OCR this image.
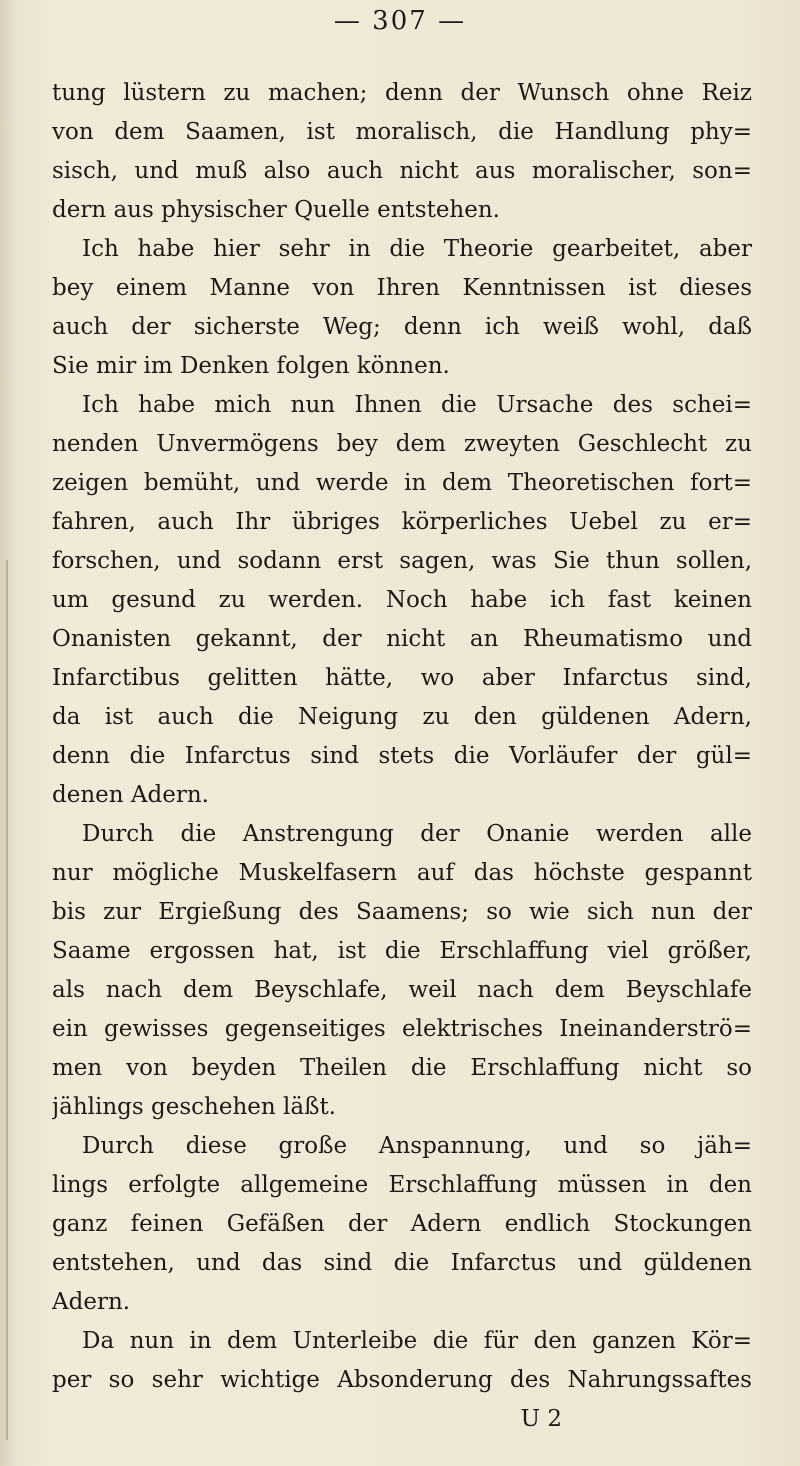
— 307 —
tung lüstern zu machen; denn der Wunsch ohne Reiz
von dem Saamen, ist moralisch, die Handlung phy=
sisch, und muß also auch nicht aus moralischer, son=
dern aus physischer Quelle entstehen.
Ich habe hier sehr in die Theorie gearbeitet, aber
bey einem Manne von Ihren Kenntnissen ist dieses
auch der sicherste Weg; denn ich weiß wohl, daß
Sie mir im Denken folgen können.
Ich habe mich nun Ihnen die Ursache des schei=
nenden Unvermögens bey dem zweyten Geschlecht zu
zeigen bemüht, und werde in dem Theoretischen fort=
fahren, auch Ihr übriges körperliches Uebel zu er=
forschen, und sodann erst sagen, was Sie thun sollen,
um gesund zu werden. Noch habe ich fast keinen
Onanisten gekannt, der nicht an Rheumatismo und
Infarctibus gelitten hätte, wo aber Infarctus sind,
da ist auch die Neigung zu den güldenen Adern,
denn die Infarctus sind stets die Vorläufer der gül=
denen Adern.
Durch die Anstrengung der Onanie werden alle
nur mögliche Muskelfasern auf das höchste gespannt
bis zur Ergießung des Saamens; so wie sich nun der
Saame ergossen hat, ist die Erschlaffung viel größer,
als nach dem Beyschlafe, weil nach dem Beyschlafe
ein gewisses gegenseitiges elektrisches Ineinanderströ=
men von beyden Theilen die Erschlaffung nicht so
jählings geschehen läßt.
Durch diese große Anspannung, und so jäh=
lings erfolgte allgemeine Erschlaffung müssen in den
ganz feinen Gefäßen der Adern endlich Stockungen
entstehen, und das sind die Infarctus und güldenen
Adern.
Da nun in dem Unterleibe die für den ganzen Kör=
per so sehr wichtige Absonderung des Nahrungssaftes
U 2
